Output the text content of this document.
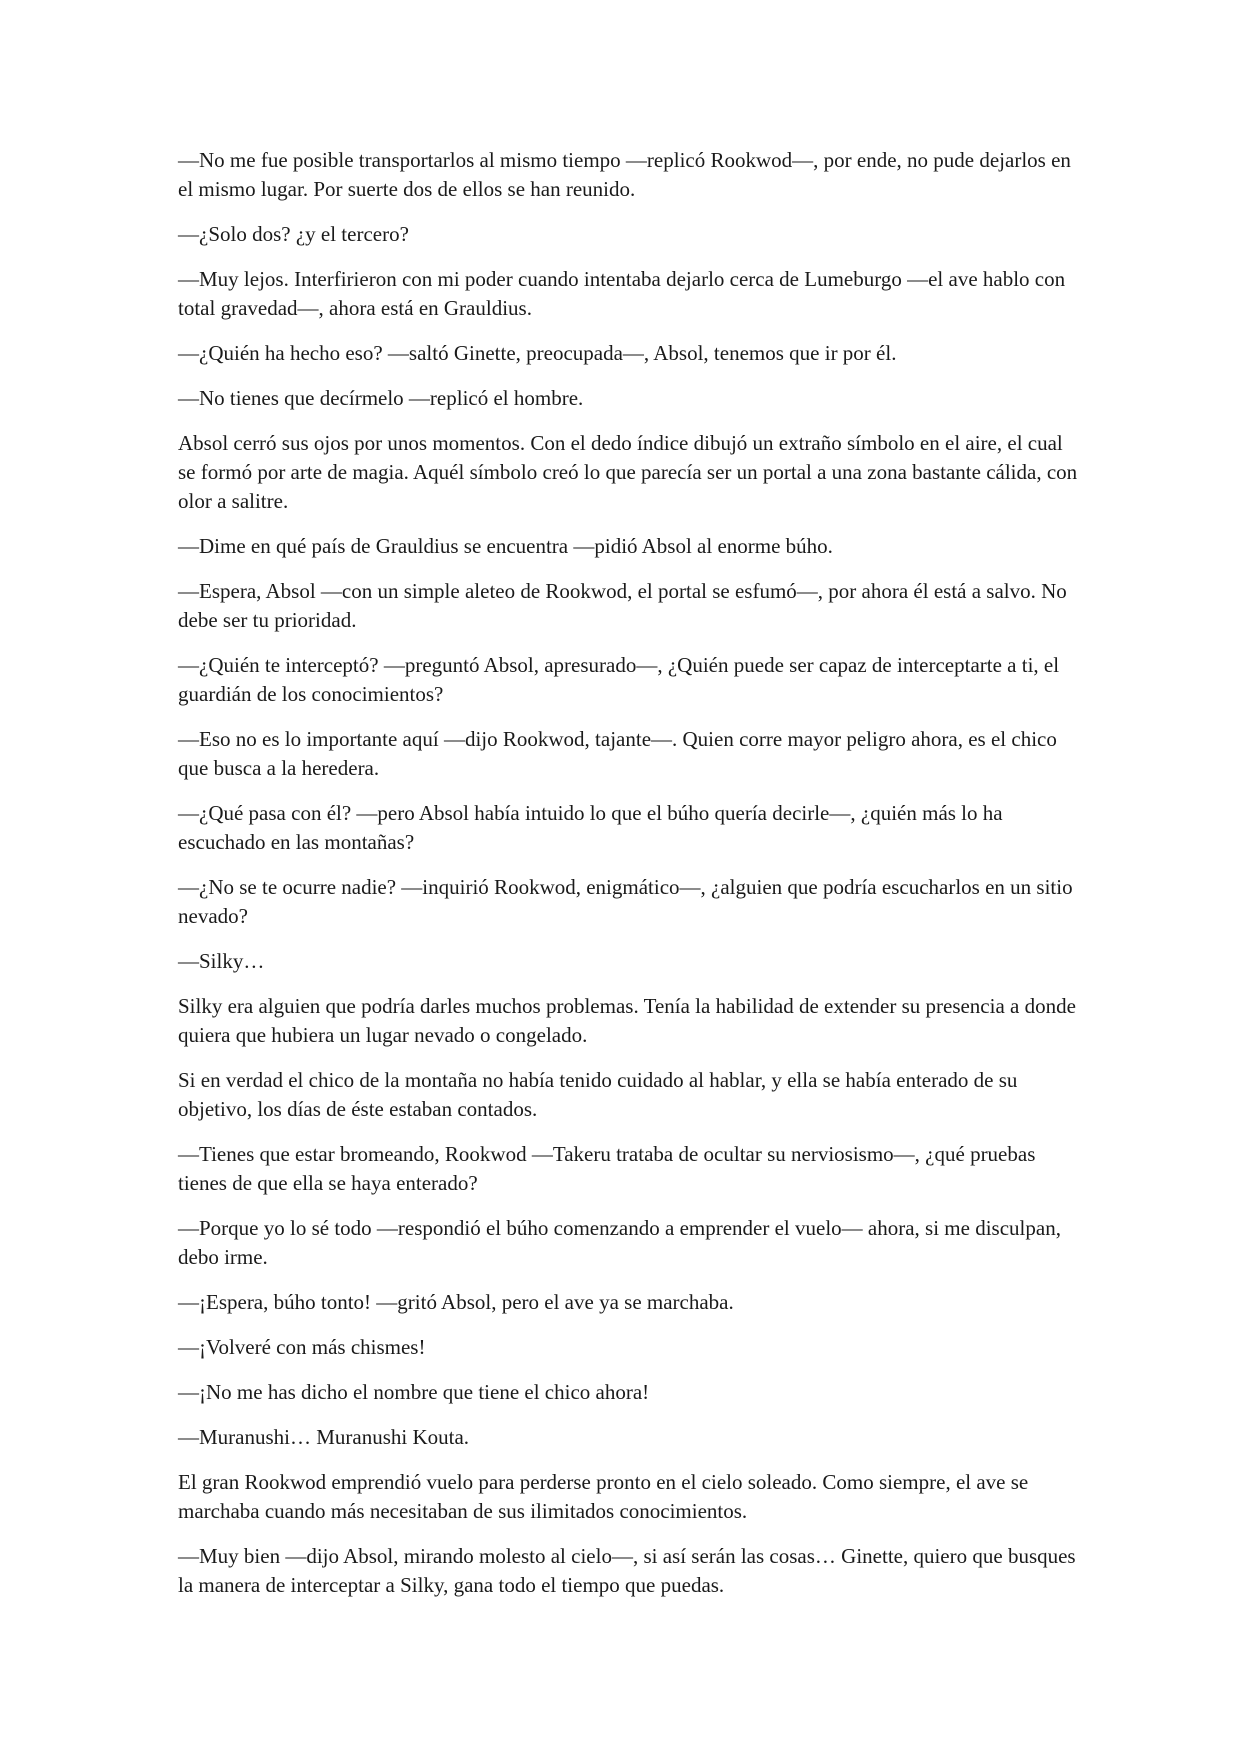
—No me fue posible transportarlos al mismo tiempo —replicó Rookwod—, por ende, no pude dejarlos en el mismo lugar. Por suerte dos de ellos se han reunido.

—¿Solo dos? ¿y el tercero?

—Muy lejos. Interfirieron con mi poder cuando intentaba dejarlo cerca de Lumeburgo —el ave hablo con total gravedad—, ahora está en Grauldius.

—¿Quién ha hecho eso? —saltó Ginette, preocupada—, Absol, tenemos que ir por él.

—No tienes que decírmelo —replicó el hombre.

Absol cerró sus ojos por unos momentos. Con el dedo índice dibujó un extraño símbolo en el aire, el cual se formó por arte de magia. Aquél símbolo creó lo que parecía ser un portal a una zona bastante cálida, con olor a salitre.

—Dime en qué país de Grauldius se encuentra —pidió Absol al enorme búho.

—Espera, Absol —con un simple aleteo de Rookwod, el portal se esfumó—, por ahora él está a salvo. No debe ser tu prioridad.

—¿Quién te interceptó? —preguntó Absol, apresurado—, ¿Quién puede ser capaz de interceptarte a ti, el guardián de los conocimientos?

—Eso no es lo importante aquí —dijo Rookwod, tajante—. Quien corre mayor peligro ahora, es el chico que busca a la heredera.

—¿Qué pasa con él? —pero Absol había intuido lo que el búho quería decirle—, ¿quién más lo ha escuchado en las montañas?

—¿No se te ocurre nadie? —inquirió Rookwod, enigmático—, ¿alguien que podría escucharlos en un sitio nevado?

—Silky…

Silky era alguien que podría darles muchos problemas. Tenía la habilidad de extender su presencia a donde quiera que hubiera un lugar nevado o congelado.

Si en verdad el chico de la montaña no había tenido cuidado al hablar, y ella se había enterado de su objetivo, los días de éste estaban contados.

—Tienes que estar bromeando, Rookwod —Takeru trataba de ocultar su nerviosismo—, ¿qué pruebas tienes de que ella se haya enterado?

—Porque yo lo sé todo —respondió el búho comenzando a emprender el vuelo— ahora, si me disculpan, debo irme.

—¡Espera, búho tonto! —gritó Absol, pero el ave ya se marchaba.

—¡Volveré con más chismes!

—¡No me has dicho el nombre que tiene el chico ahora!

—Muranushi… Muranushi Kouta.

El gran Rookwod emprendió vuelo para perderse pronto en el cielo soleado. Como siempre, el ave se marchaba cuando más necesitaban de sus ilimitados conocimientos.

—Muy bien —dijo Absol, mirando molesto al cielo—, si así serán las cosas… Ginette, quiero que busques la manera de interceptar a Silky, gana todo el tiempo que puedas.
